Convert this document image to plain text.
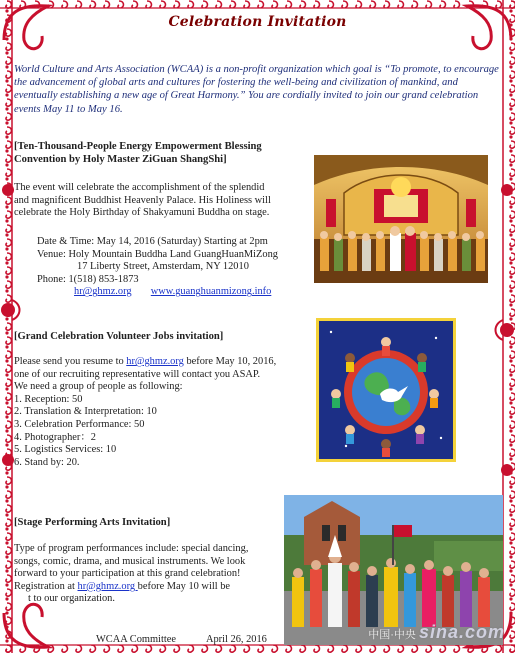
Celebration Invitation
World Culture and Arts Association (WCAA) is a non-profit organization which goal is “To promote, to encourage the advancement of global arts and cultures for fostering the well-being and civilization of mankind, and eventually establishing a new age of Great Harmony.” You are cordially invited to join our grand celebration events May 11 to May 16.
[Ten-Thousand-People Energy Empowerment Blessing
Convention by Holy Master ZiGuan ShangShi]
The event will celebrate the accomplishment of the splendid
and magnificent Buddhist Heavenly Palace. His Holiness will
celebrate the Holy Birthday of Shakyamuni Buddha on stage.
Date & Time: May 14, 2016 (Saturday) Starting at 2pm
Venue: Holy Mountain Buddha Land GuangHuanMiZong
17 Liberty Street, Amsterdam, NY 12010
Phone: 1(518) 853-1873
hr@ghmz.org www.guanghuanmizong.info
[Grand Celebration Volunteer Jobs invitation]
Please send you resume to hr@ghmz.org before May 10, 2016,
one of our recruiting representative will contact you ASAP.
We need a group of people as following:
1. Reception: 50
2. Translation & Interpretation: 10
3. Celebration Performance: 50
4. Photographer：2
5. Logistics Services: 10
6. Stand by: 20.
[Stage Performing Arts Invitation]
Type of program performances include: special dancing,
songs, comic, drama, and musical instruments. We look
forward to your participation at this grand celebration!
Registration at hr@ghmz.org before May 10 will be
t to our organization.
WCAA Committee	April 26, 2016	中国·中央 sina.com
